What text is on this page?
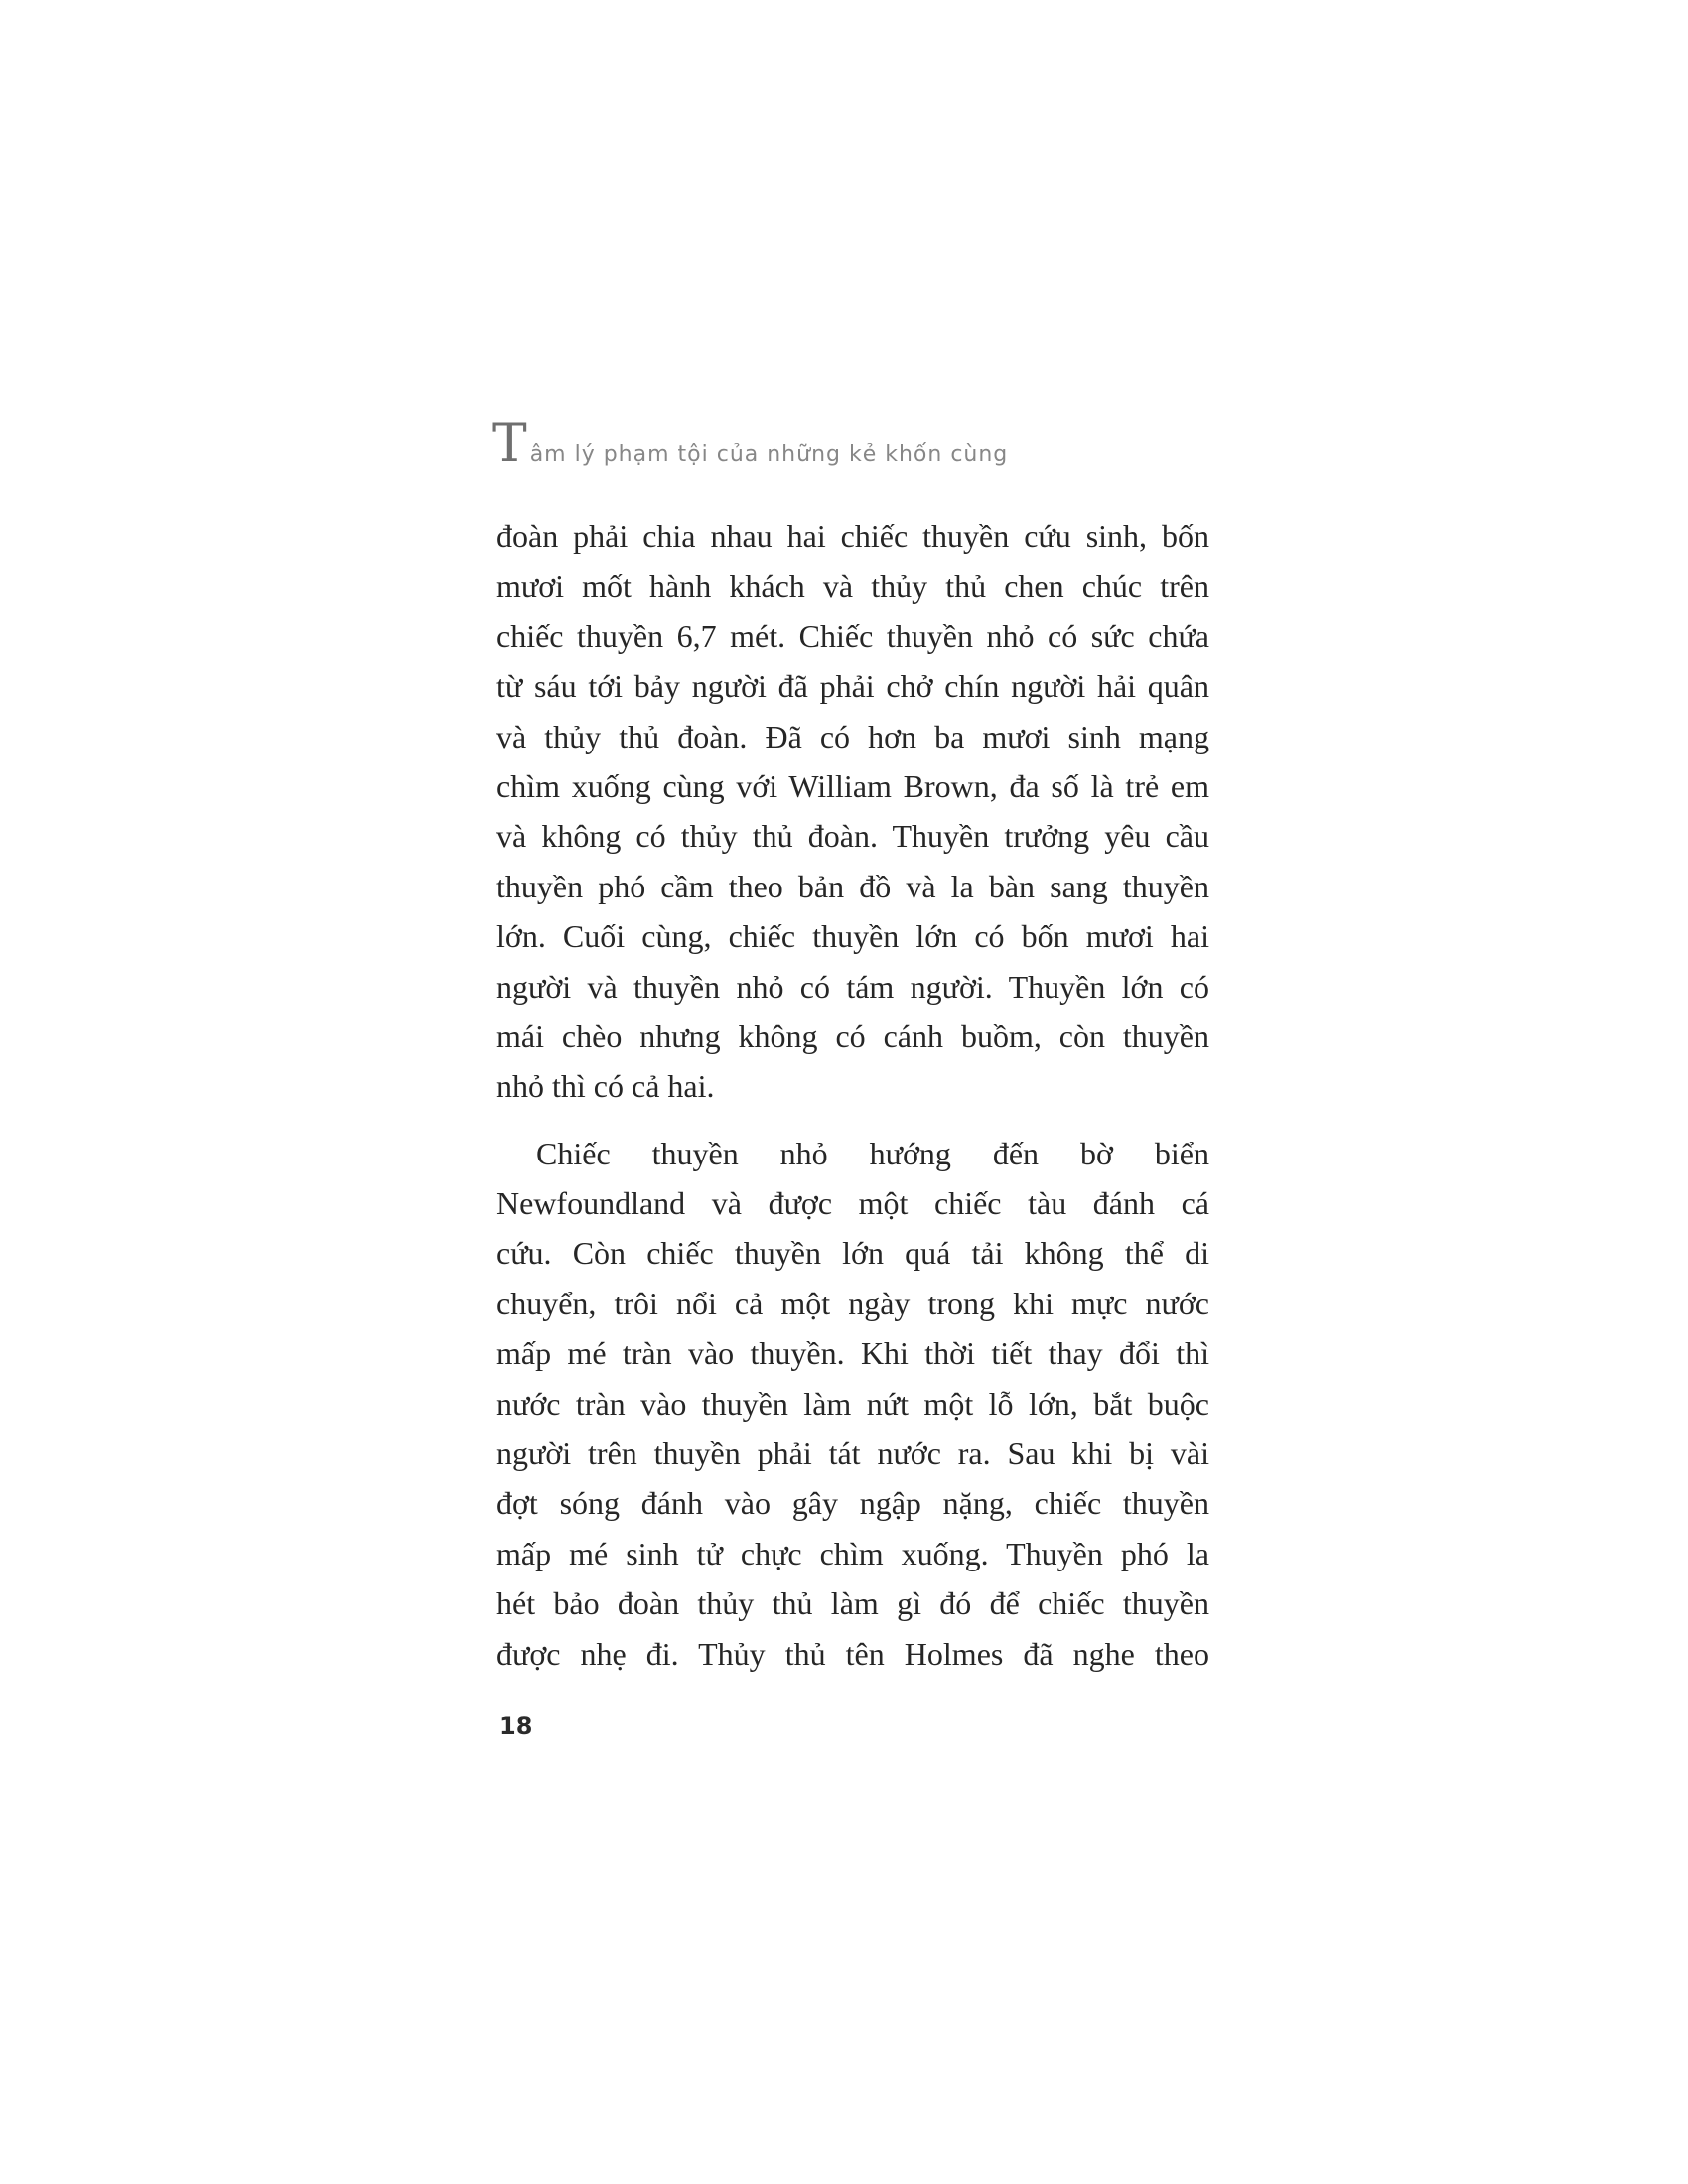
T âm lý phạm tội của những kẻ khốn cùng
đoàn phải chia nhau hai chiếc thuyền cứu sinh, bốn
mươi mốt hành khách và thủy thủ chen chúc trên
chiếc thuyền 6,7 mét. Chiếc thuyền nhỏ có sức chứa
từ sáu tới bảy người đã phải chở chín người hải quân
và thủy thủ đoàn. Đã có hơn ba mươi sinh mạng
chìm xuống cùng với William Brown, đa số là trẻ em
và không có thủy thủ đoàn. Thuyền trưởng yêu cầu
thuyền phó cầm theo bản đồ và la bàn sang thuyền
lớn. Cuối cùng, chiếc thuyền lớn có bốn mươi hai
người và thuyền nhỏ có tám người. Thuyền lớn có
mái chèo nhưng không có cánh buồm, còn thuyền
nhỏ thì có cả hai.
Chiếc thuyền nhỏ hướng đến bờ biển
Newfoundland và được một chiếc tàu đánh cá
cứu. Còn chiếc thuyền lớn quá tải không thể di
chuyển, trôi nổi cả một ngày trong khi mực nước
mấp mé tràn vào thuyền. Khi thời tiết thay đổi thì
nước tràn vào thuyền làm nứt một lỗ lớn, bắt buộc
người trên thuyền phải tát nước ra. Sau khi bị vài
đợt sóng đánh vào gây ngập nặng, chiếc thuyền
mấp mé sinh tử chực chìm xuống. Thuyền phó la
hét bảo đoàn thủy thủ làm gì đó để chiếc thuyền
được nhẹ đi. Thủy thủ tên Holmes đã nghe theo
18
